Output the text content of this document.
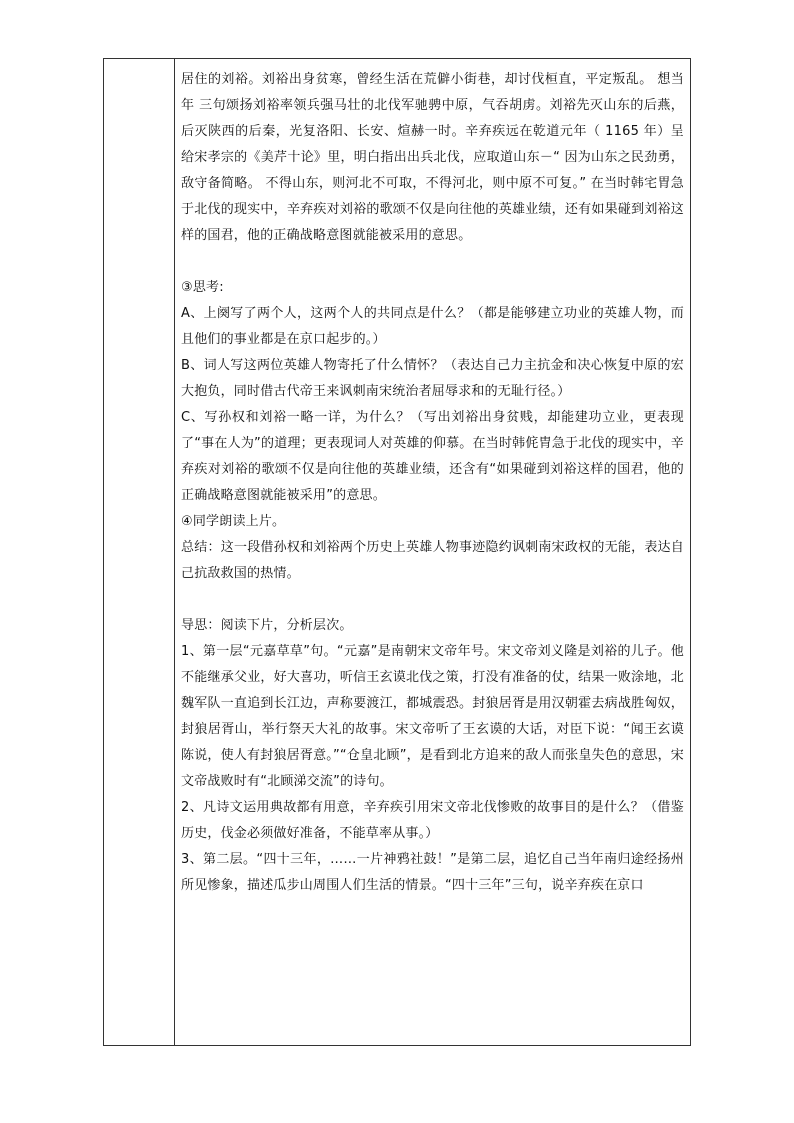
居住的刘裕。刘裕出身贫寒，曾经生活在荒僻小街巷，却讨伐桓直，平定叛乱。 想当年 三句颂扬刘裕率领兵强马壮的北伐军驰骋中原，气吞胡虏。刘裕先灭山东的后燕，后灭陕西的后秦，光复洛阳、长安、煊赫一时。辛弃疾远在乾道元年（ 1165 年）呈给宋孝宗的《美芹十论》里，明白指出出兵北伐，应取道山东－“ 因为山东之民劲勇，敌守备简略。 不得山东，则河北不可取，不得河北，则中原不可复。” 在当时韩宅胃急于北伐的现实中，辛弃疾对刘裕的歌颂不仅是向往他的英雄业绩，还有如果碰到刘裕这样的国君，他的正确战略意图就能被采用的意思。

③思考:

A、上阕写了两个人，这两个人的共同点是什么？（都是能够建立功业的英雄人物，而且他们的事业都是在京口起步的。）

B、词人写这两位英雄人物寄托了什么情怀？（表达自己力主抗金和决心恢复中原的宏大抱负，同时借古代帝王来讽刺南宋统治者屈辱求和的无耻行径。）

C、写孙权和刘裕一略一详，为什么？（写出刘裕出身贫贱，却能建功立业，更表现了“事在人为”的道理；更表现词人对英雄的仰慕。在当时韩侂胄急于北伐的现实中，辛弃疾对刘裕的歌颂不仅是向往他的英雄业绩，还含有“如果碰到刘裕这样的国君，他的正确战略意图就能被采用”的意思。

④同学朗读上片。

总结：这一段借孙权和刘裕两个历史上英雄人物事迹隐约讽刺南宋政权的无能，表达自己抗敌救国的热情。

导思：阅读下片，分析层次。

1、第一层“元嘉草草”句。“元嘉”是南朝宋文帝年号。宋文帝刘义隆是刘裕的儿子。他不能继承父业，好大喜功，听信王玄谟北伐之策，打没有准备的仗，结果一败涂地，北魏军队一直追到长江边，声称要渡江，都城震恐。封狼居胥是用汉朝霍去病战胜匈奴，封狼居胥山，举行祭天大礼的故事。宋文帝听了王玄谟的大话，对臣下说：“闻王玄谟陈说，使人有封狼居胥意。”“仓皇北顾”，是看到北方追来的敌人而张皇失色的意思，宋文帝战败时有“北顾涕交流”的诗句。

2、凡诗文运用典故都有用意，辛弃疾引用宋文帝北伐惨败的故事目的是什么？（借鉴历史，伐金必须做好准备，不能草率从事。）

3、第二层。“四十三年，……一片神鸦社鼓！”是第二层，追忆自己当年南归途经扬州所见惨象，描述瓜步山周围人们生活的情景。“四十三年”三句，说辛弃疾在京口
